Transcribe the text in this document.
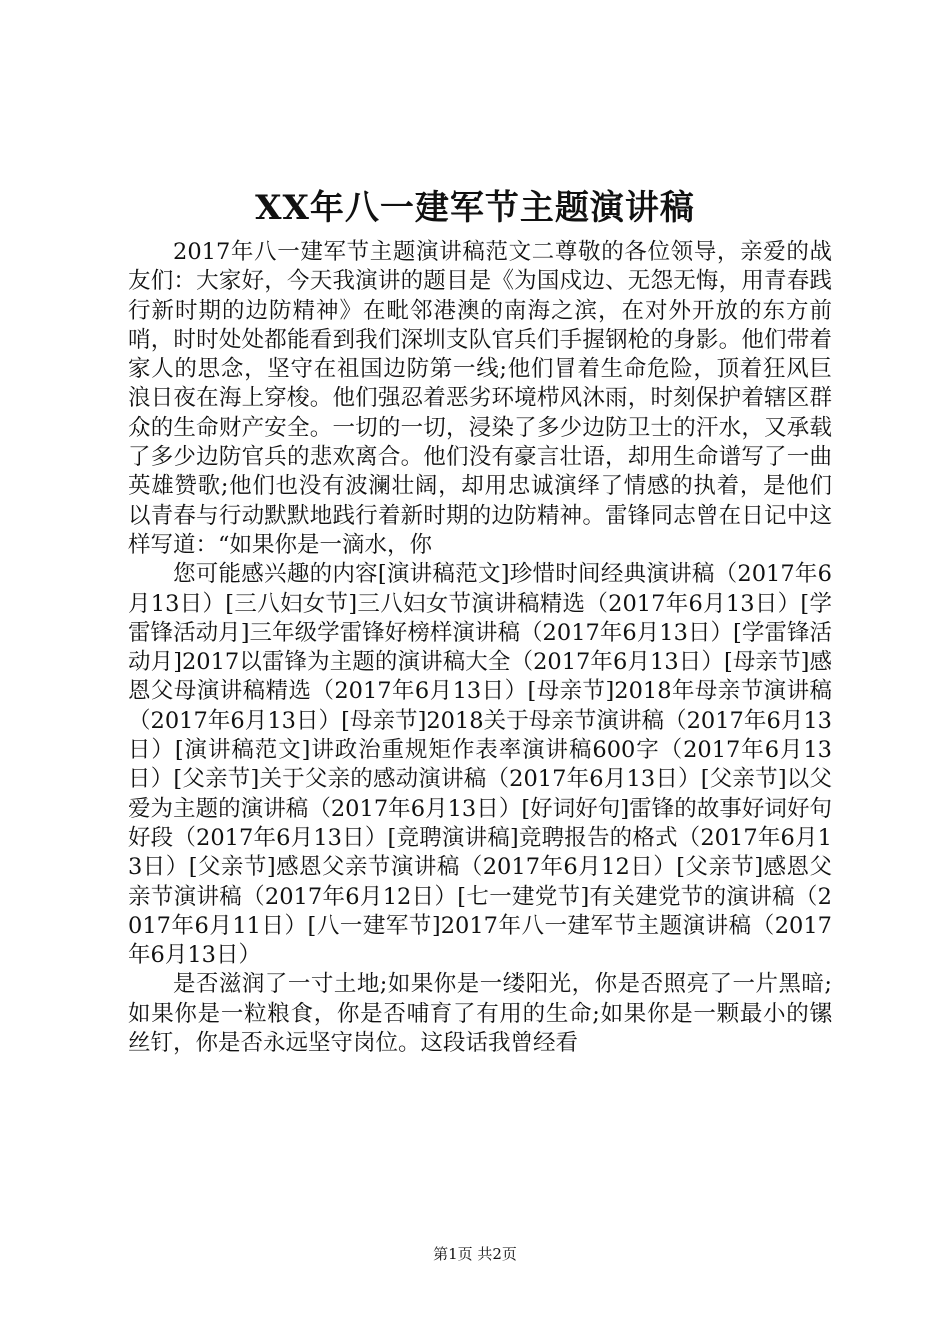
XX年八一建军节主题演讲稿

2017年八一建军节主题演讲稿范文二尊敬的各位领导，亲爱的战友们：大家好，今天我演讲的题目是《为国戍边、无怨无悔，用青春践行新时期的边防精神》在毗邻港澳的南海之滨，在对外开放的东方前哨，时时处处都能看到我们深圳支队官兵们手握钢枪的身影。他们带着家人的思念，坚守在祖国边防第一线;他们冒着生命危险，顶着狂风巨浪日夜在海上穿梭。他们强忍着恶劣环境栉风沐雨，时刻保护着辖区群众的生命财产安全。一切的一切，浸染了多少边防卫士的汗水，又承载了多少边防官兵的悲欢离合。他们没有豪言壮语，却用生命谱写了一曲英雄赞歌;他们也没有波澜壮阔，却用忠诚演绎了情感的执着，是他们以青春与行动默默地践行着新时期的边防精神。雷锋同志曾在日记中这样写道：“如果你是一滴水，你

您可能感兴趣的内容[演讲稿范文]珍惜时间经典演讲稿（2017年6月13日）[三八妇女节]三八妇女节演讲稿精选（2017年6月13日）[学雷锋活动月]三年级学雷锋好榜样演讲稿（2017年6月13日）[学雷锋活动月]2017以雷锋为主题的演讲稿大全（2017年6月13日）[母亲节]感恩父母演讲稿精选（2017年6月13日）[母亲节]2018年母亲节演讲稿（2017年6月13日）[母亲节]2018关于母亲节演讲稿（2017年6月13日）[演讲稿范文]讲政治重规矩作表率演讲稿600字（2017年6月13日）[父亲节]关于父亲的感动演讲稿（2017年6月13日）[父亲节]以父爱为主题的演讲稿（2017年6月13日）[好词好句]雷锋的故事好词好句好段（2017年6月13日）[竞聘演讲稿]竞聘报告的格式（2017年6月13日）[父亲节]感恩父亲节演讲稿（2017年6月12日）[父亲节]感恩父亲节演讲稿（2017年6月12日）[七一建党节]有关建党节的演讲稿（2017年6月11日）[八一建军节]2017年八一建军节主题演讲稿（2017年6月13日）

是否滋润了一寸土地;如果你是一缕阳光，你是否照亮了一片黑暗;如果你是一粒粮食，你是否哺育了有用的生命;如果你是一颗最小的镙丝钉，你是否永远坚守岗位。这段话我曾经看

第1页 共2页
